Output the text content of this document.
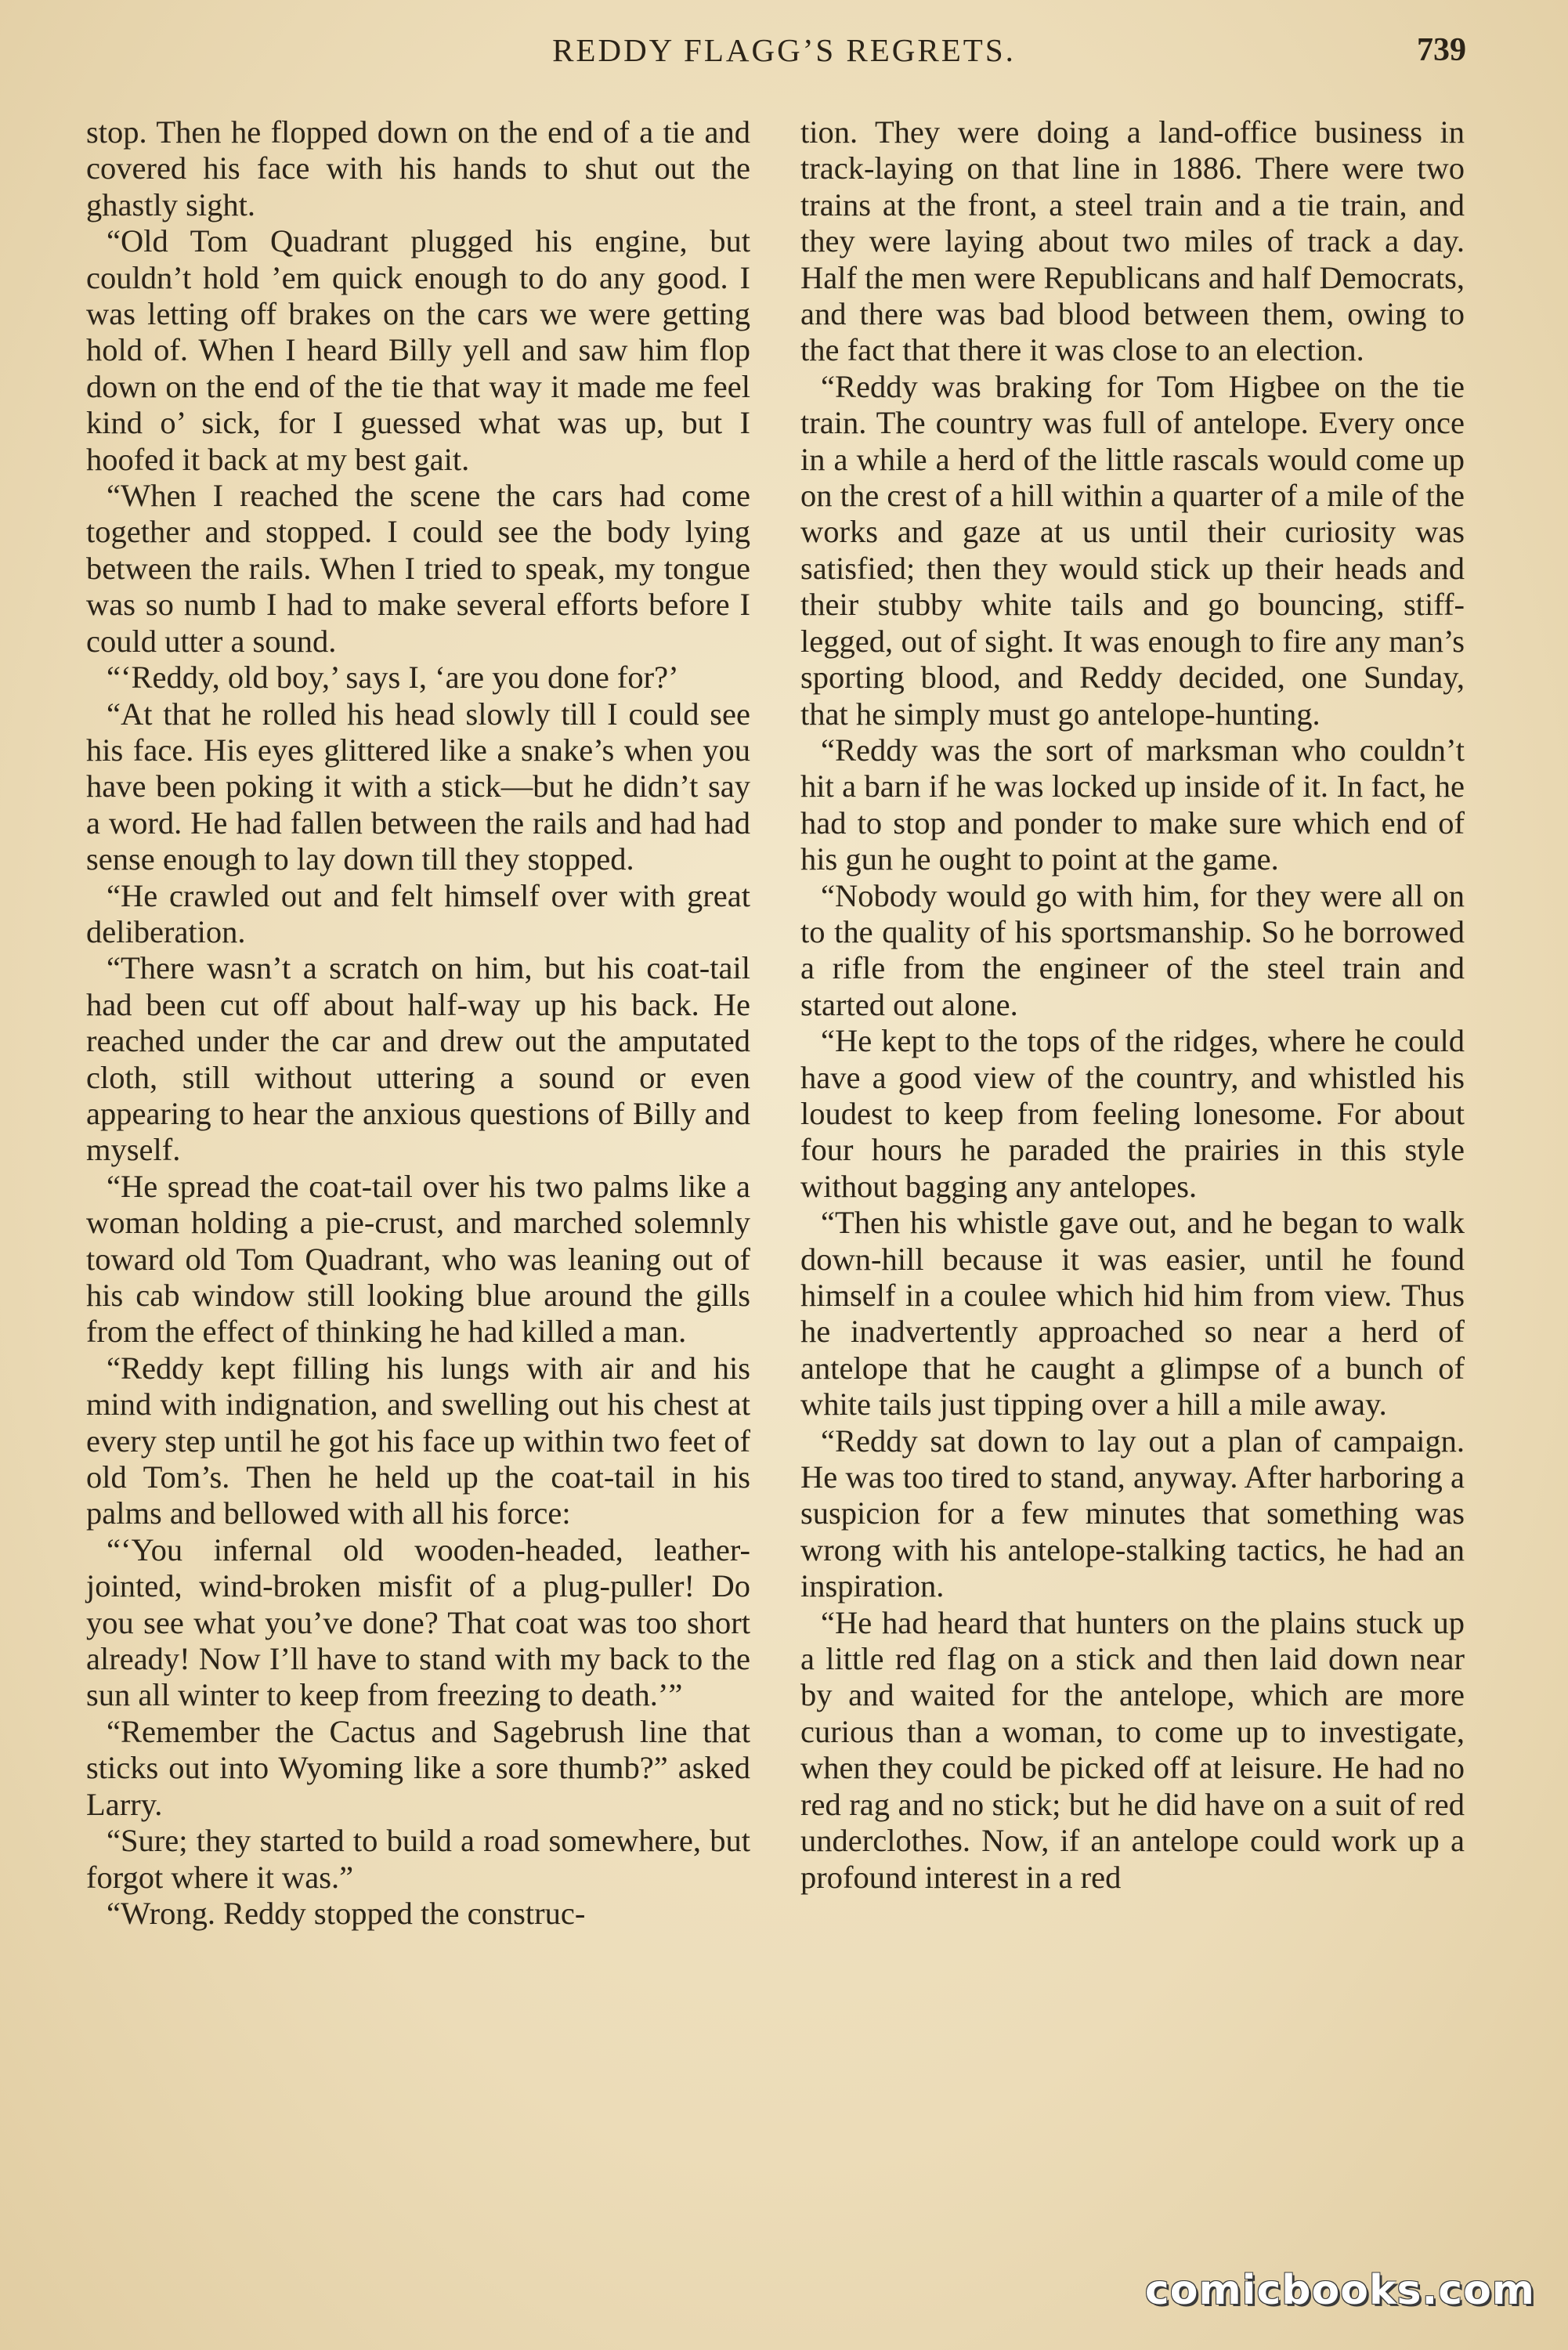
REDDY FLAGG’S REGRETS.	739

stop. Then he flopped down on the end of a tie and covered his face with his hands to shut out the ghastly sight.

“Old Tom Quadrant plugged his engine, but couldn’t hold ’em quick enough to do any good. I was letting off brakes on the cars we were getting hold of. When I heard Billy yell and saw him flop down on the end of the tie that way it made me feel kind o’ sick, for I guessed what was up, but I hoofed it back at my best gait.

“When I reached the scene the cars had come together and stopped. I could see the body lying between the rails. When I tried to speak, my tongue was so numb I had to make several efforts before I could utter a sound.

“‘Reddy, old boy,’ says I, ‘are you done for?’

“At that he rolled his head slowly till I could see his face. His eyes glittered like a snake’s when you have been poking it with a stick—but he didn’t say a word. He had fallen between the rails and had had sense enough to lay down till they stopped.

“He crawled out and felt himself over with great deliberation.

“There wasn’t a scratch on him, but his coat-tail had been cut off about half-way up his back. He reached under the car and drew out the amputated cloth, still without uttering a sound or even appearing to hear the anxious questions of Billy and myself.

“He spread the coat-tail over his two palms like a woman holding a pie-crust, and marched solemnly toward old Tom Quadrant, who was leaning out of his cab window still looking blue around the gills from the effect of thinking he had killed a man.

“Reddy kept filling his lungs with air and his mind with indignation, and swelling out his chest at every step until he got his face up within two feet of old Tom’s. Then he held up the coat-tail in his palms and bellowed with all his force:

“‘You infernal old wooden-headed, leather-jointed, wind-broken misfit of a plug-puller! Do you see what you’ve done? That coat was too short already! Now I’ll have to stand with my back to the sun all winter to keep from freezing to death.’”

“Remember the Cactus and Sagebrush line that sticks out into Wyoming like a sore thumb?” asked Larry.

“Sure; they started to build a road somewhere, but forgot where it was.”

“Wrong. Reddy stopped the construc-

tion. They were doing a land-office business in track-laying on that line in 1886. There were two trains at the front, a steel train and a tie train, and they were laying about two miles of track a day. Half the men were Republicans and half Democrats, and there was bad blood between them, owing to the fact that there it was close to an election.

“Reddy was braking for Tom Higbee on the tie train. The country was full of antelope. Every once in a while a herd of the little rascals would come up on the crest of a hill within a quarter of a mile of the works and gaze at us until their curiosity was satisfied; then they would stick up their heads and their stubby white tails and go bouncing, stiff-legged, out of sight. It was enough to fire any man’s sporting blood, and Reddy decided, one Sunday, that he simply must go antelope-hunting.

“Reddy was the sort of marksman who couldn’t hit a barn if he was locked up inside of it. In fact, he had to stop and ponder to make sure which end of his gun he ought to point at the game.

“Nobody would go with him, for they were all on to the quality of his sportsmanship. So he borrowed a rifle from the engineer of the steel train and started out alone.

“He kept to the tops of the ridges, where he could have a good view of the country, and whistled his loudest to keep from feeling lonesome. For about four hours he paraded the prairies in this style without bagging any antelopes.

“Then his whistle gave out, and he began to walk down-hill because it was easier, until he found himself in a coulee which hid him from view. Thus he inadvertently approached so near a herd of antelope that he caught a glimpse of a bunch of white tails just tipping over a hill a mile away.

“Reddy sat down to lay out a plan of campaign. He was too tired to stand, anyway. After harboring a suspicion for a few minutes that something was wrong with his antelope-stalking tactics, he had an inspiration.

“He had heard that hunters on the plains stuck up a little red flag on a stick and then laid down near by and waited for the antelope, which are more curious than a woman, to come up to investigate, when they could be picked off at leisure. He had no red rag and no stick; but he did have on a suit of red underclothes. Now, if an antelope could work up a profound interest in a red

comicbooks.com
